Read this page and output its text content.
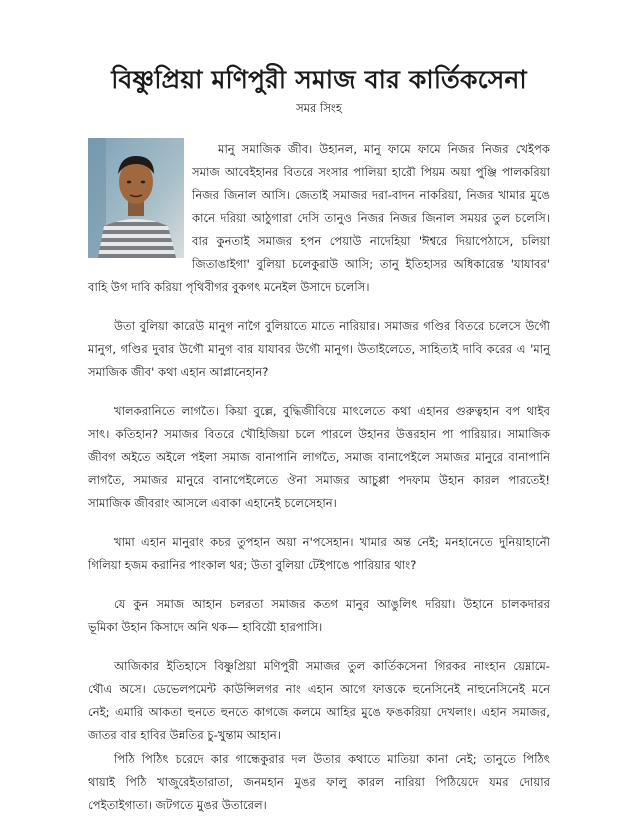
বিষ্ণুপ্রিয়া মণিপুরী সমাজ বার কার্তিকসেনা
সমর সিংহ
মানু সমাজিক জীব। উহানল, মানু ফামে ফামে নিজর নিজর খেইপক
সমাজ আবেইহানর বিতরে সংসার পালিয়া হারৌ পিয়ম অয়া পুঞ্জি পালকরিয়া
নিজর জিনাল আসি। জেতাই সমাজর দরা-বাদন নাকরিয়া, নিজর খামার মুঙে
কানে দরিয়া আঠুগারা দেসি তানুও নিজর নিজর জিনাল সময়র তুল চলেসি।
বার কুনতাই সমাজর হপন পেয়াউ নাদেহিয়া 'ঈশ্বরে দিয়াপেঠাসে, চলিয়া
জিতাঙাইগা' বুলিয়া চলেকুরাউ আসি; তানু ইতিহাসর অধিকারেন্ত 'যাযাবর'
বাহি উগ দাবি করিয়া পৃথিবীগর বুকগৎ মনেইল উসাদে চলেসি।
উতা বুলিয়া কারেউ মানুগ নাগৈ বুলিয়াতে মাতে নারিয়ার। সমাজর গণ্ডির বিতরে চলেসে উগৌ
মানুগ, গণ্ডির দুবার উগৌ মানুগ বার যাযাবর উগৌ মানুগ। উতাইলেতে, সাহিত্যই দাবি করের এ 'মানু
সমাজিক জীব' কথা এহান আপ্লানেহান?
খালকরানিতে লাগতৈ। কিয়া বুল্লে, বুদ্ধিজীবিয়ে মাৎলেতে কথা এহানর গুরুত্বহান বপ থাইব
সাৎ। কতিহান? সমাজর বিতরে খৌহিজিয়া চলে পারলে উহানর উত্তরহান পা পারিয়ার। সামাজিক
জীবগ অইতে অইলে পইলা সমাজ বানাপানি লাগতৈ, সমাজ বানাপেইলে সমাজর মানুরে বানাপানি
লাগতৈ, সমাজর মানুরে বানাপেইলেতে ঔনা সমাজর আচুপ্পা পদফাম উহান কারল পারতেই!
সামাজিক জীবরাং আসলে এবাকা এহানেই চলেসেহান।
খামা এহান মানুরাং কচর তুপহান অয়া ন'পসেহান। খামার অন্ত নেই; মনহানেতে দুনিয়াহানৌ
গিলিয়া হজম করানির পাংকাল থর; উতা বুলিয়া টেইপাঙে পারিয়ার থাং?
যে কুন সমাজ আহান চলরতা সমাজর কতগ মানুর আঙুলিৎ দরিয়া। উহানে চালকদারর
ভূমিকা উহান কিসাদে অনি থক— হাবিয়ৌ হারপাসি।
আজিকার ইতিহাসে বিষ্ণুপ্রিয়া মণিপুরী সমাজর তুল কার্তিকসেনা গিরকর নাংহান য়েম্নামে-
থৌএ অসে। ডেভেলপমেন্ট কাউন্সিলগর নাং এহান আগে ফাত্তকে হুনেসিনেই নাহুনেসিনেই মনে
নেই; এমারি আকতা হুনতে হুনতে কাগজে কলমে আহির মুঙে ফঙকরিয়া দেখলাং। এহান সমাজর,
জাতর বার হাবির উন্নতির চু-খুন্তাম আহান।
পিঠি পিঠিৎ চরেদে কার গান্ধেকুরার দল উতার কথাতে মাতিয়া কানা নেই; তানুতে পিঠিৎ
থায়াই পিঠি খাজুরেইতারাতা, জনমহান মুঙর ফালু কারল নারিয়া পিঠিয়েদে যমর দোয়ার
পেইতাইগাতা। জটগতে মুঙর উতারেল।
